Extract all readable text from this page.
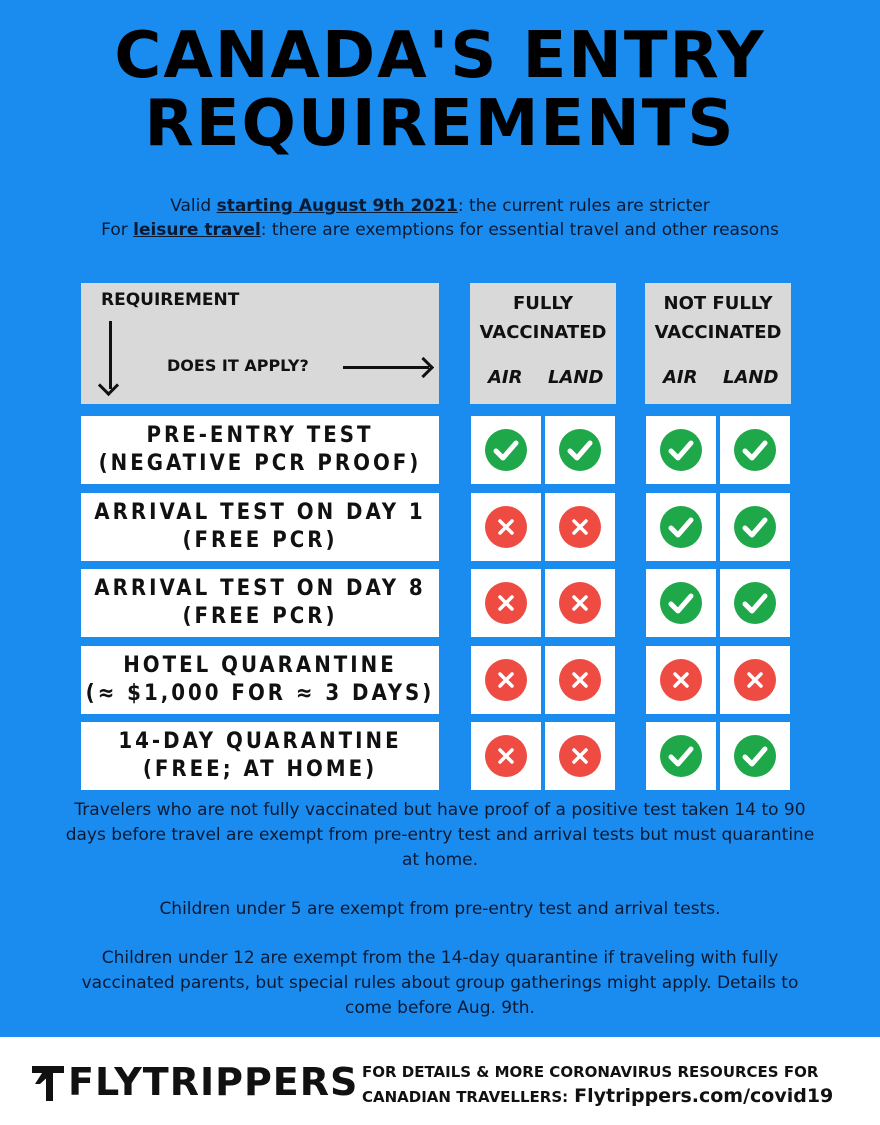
CANADA'S ENTRY
REQUIREMENTS
Valid starting August 9th 2021: the current rules are stricter
For leisure travel: there are exemptions for essential travel and other reasons
REQUIREMENT
DOES IT APPLY?
FULLY
VACCINATED
AIR LAND
NOT FULLY
VACCINATED
AIR LAND
PRE-ENTRY TEST
(NEGATIVE PCR PROOF)
ARRIVAL TEST ON DAY 1
(FREE PCR)
ARRIVAL TEST ON DAY 8
(FREE PCR)
HOTEL QUARANTINE
(≈ $1,000 FOR ≈ 3 DAYS)
14-DAY QUARANTINE
(FREE; AT HOME)

Travelers who are not fully vaccinated but have proof of a positive test taken 14 to 90 days before travel are exempt from pre-entry test and arrival tests but must quarantine at home.

Children under 5 are exempt from pre-entry test and arrival tests.

Children under 12 are exempt from the 14-day quarantine if traveling with fully vaccinated parents, but special rules about group gatherings might apply. Details to come before Aug. 9th.

FLYTRIPPERS FOR DETAILS & MORE CORONAVIRUS RESOURCES FOR
CANADIAN TRAVELLERS: Flytrippers.com/covid19
